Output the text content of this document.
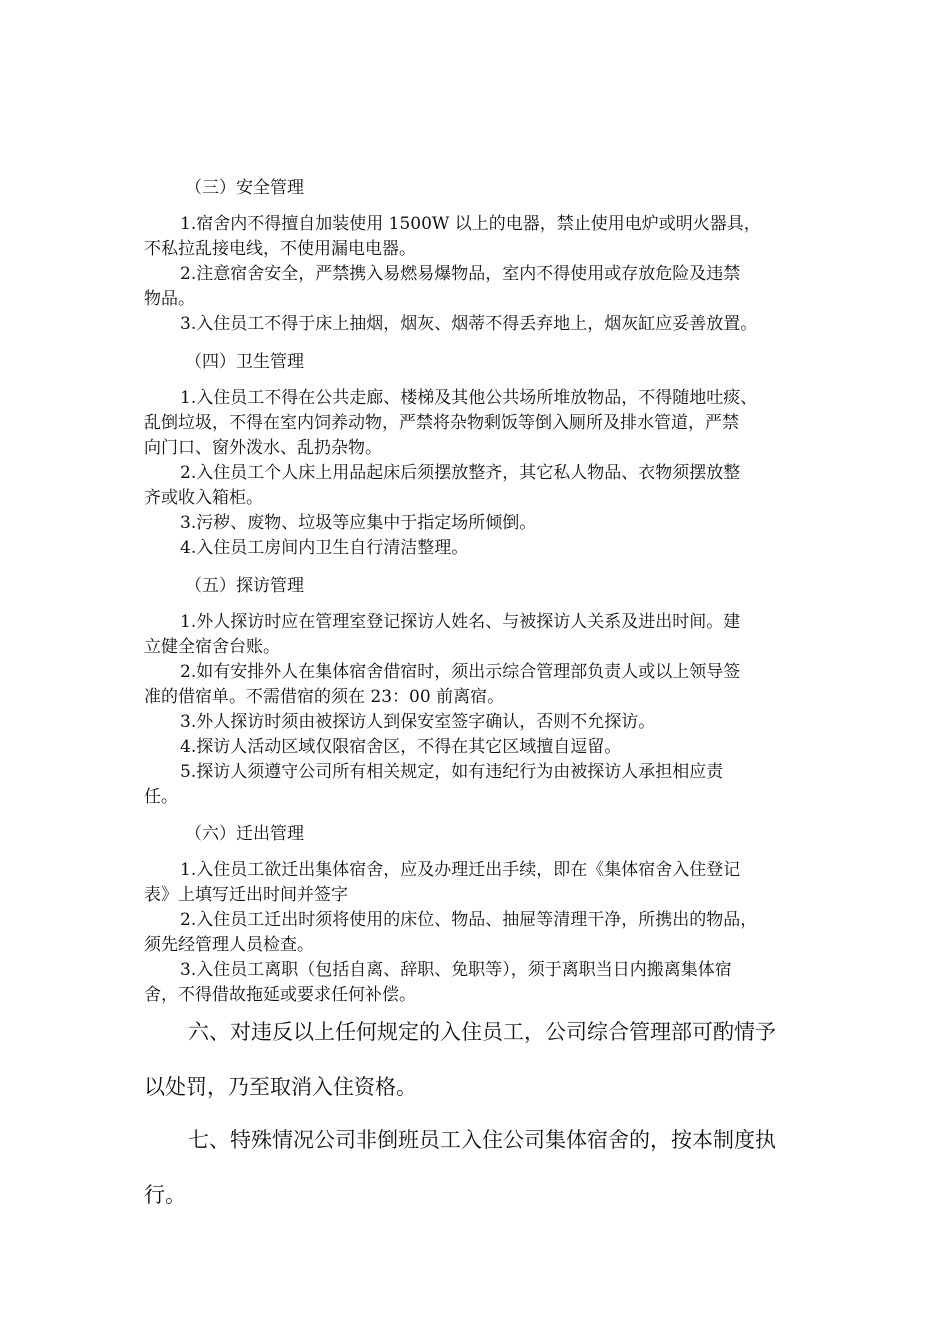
（三）安全管理
1.宿舍内不得擅自加装使用 1500W 以上的电器，禁止使用电炉或明火器具，
不私拉乱接电线，不使用漏电电器。
2.注意宿舍安全，严禁携入易燃易爆物品，室内不得使用或存放危险及违禁
物品。
3.入住员工不得于床上抽烟，烟灰、烟蒂不得丢弃地上，烟灰缸应妥善放置。
（四）卫生管理
1.入住员工不得在公共走廊、楼梯及其他公共场所堆放物品，不得随地吐痰、
乱倒垃圾，不得在室内饲养动物，严禁将杂物剩饭等倒入厕所及排水管道，严禁
向门口、窗外泼水、乱扔杂物。
2.入住员工个人床上用品起床后须摆放整齐，其它私人物品、衣物须摆放整
齐或收入箱柜。
3.污秽、废物、垃圾等应集中于指定场所倾倒。
4.入住员工房间内卫生自行清洁整理。
（五）探访管理
1.外人探访时应在管理室登记探访人姓名、与被探访人关系及进出时间。建
立健全宿舍台账。
2.如有安排外人在集体宿舍借宿时，须出示综合管理部负责人或以上领导签
准的借宿单。不需借宿的须在 23：00 前离宿。
3.外人探访时须由被探访人到保安室签字确认，否则不允探访。
4.探访人活动区域仅限宿舍区，不得在其它区域擅自逗留。
5.探访人须遵守公司所有相关规定，如有违纪行为由被探访人承担相应责
任。
（六）迁出管理
1.入住员工欲迁出集体宿舍，应及办理迁出手续，即在《集体宿舍入住登记
表》上填写迁出时间并签字
2.入住员工迁出时须将使用的床位、物品、抽屉等清理干净，所携出的物品，
须先经管理人员检查。
3.入住员工离职（包括自离、辞职、免职等），须于离职当日内搬离集体宿
舍，不得借故拖延或要求任何补偿。
六、对违反以上任何规定的入住员工，公司综合管理部可酌情予
以处罚，乃至取消入住资格。
七、特殊情况公司非倒班员工入住公司集体宿舍的，按本制度执
行。
